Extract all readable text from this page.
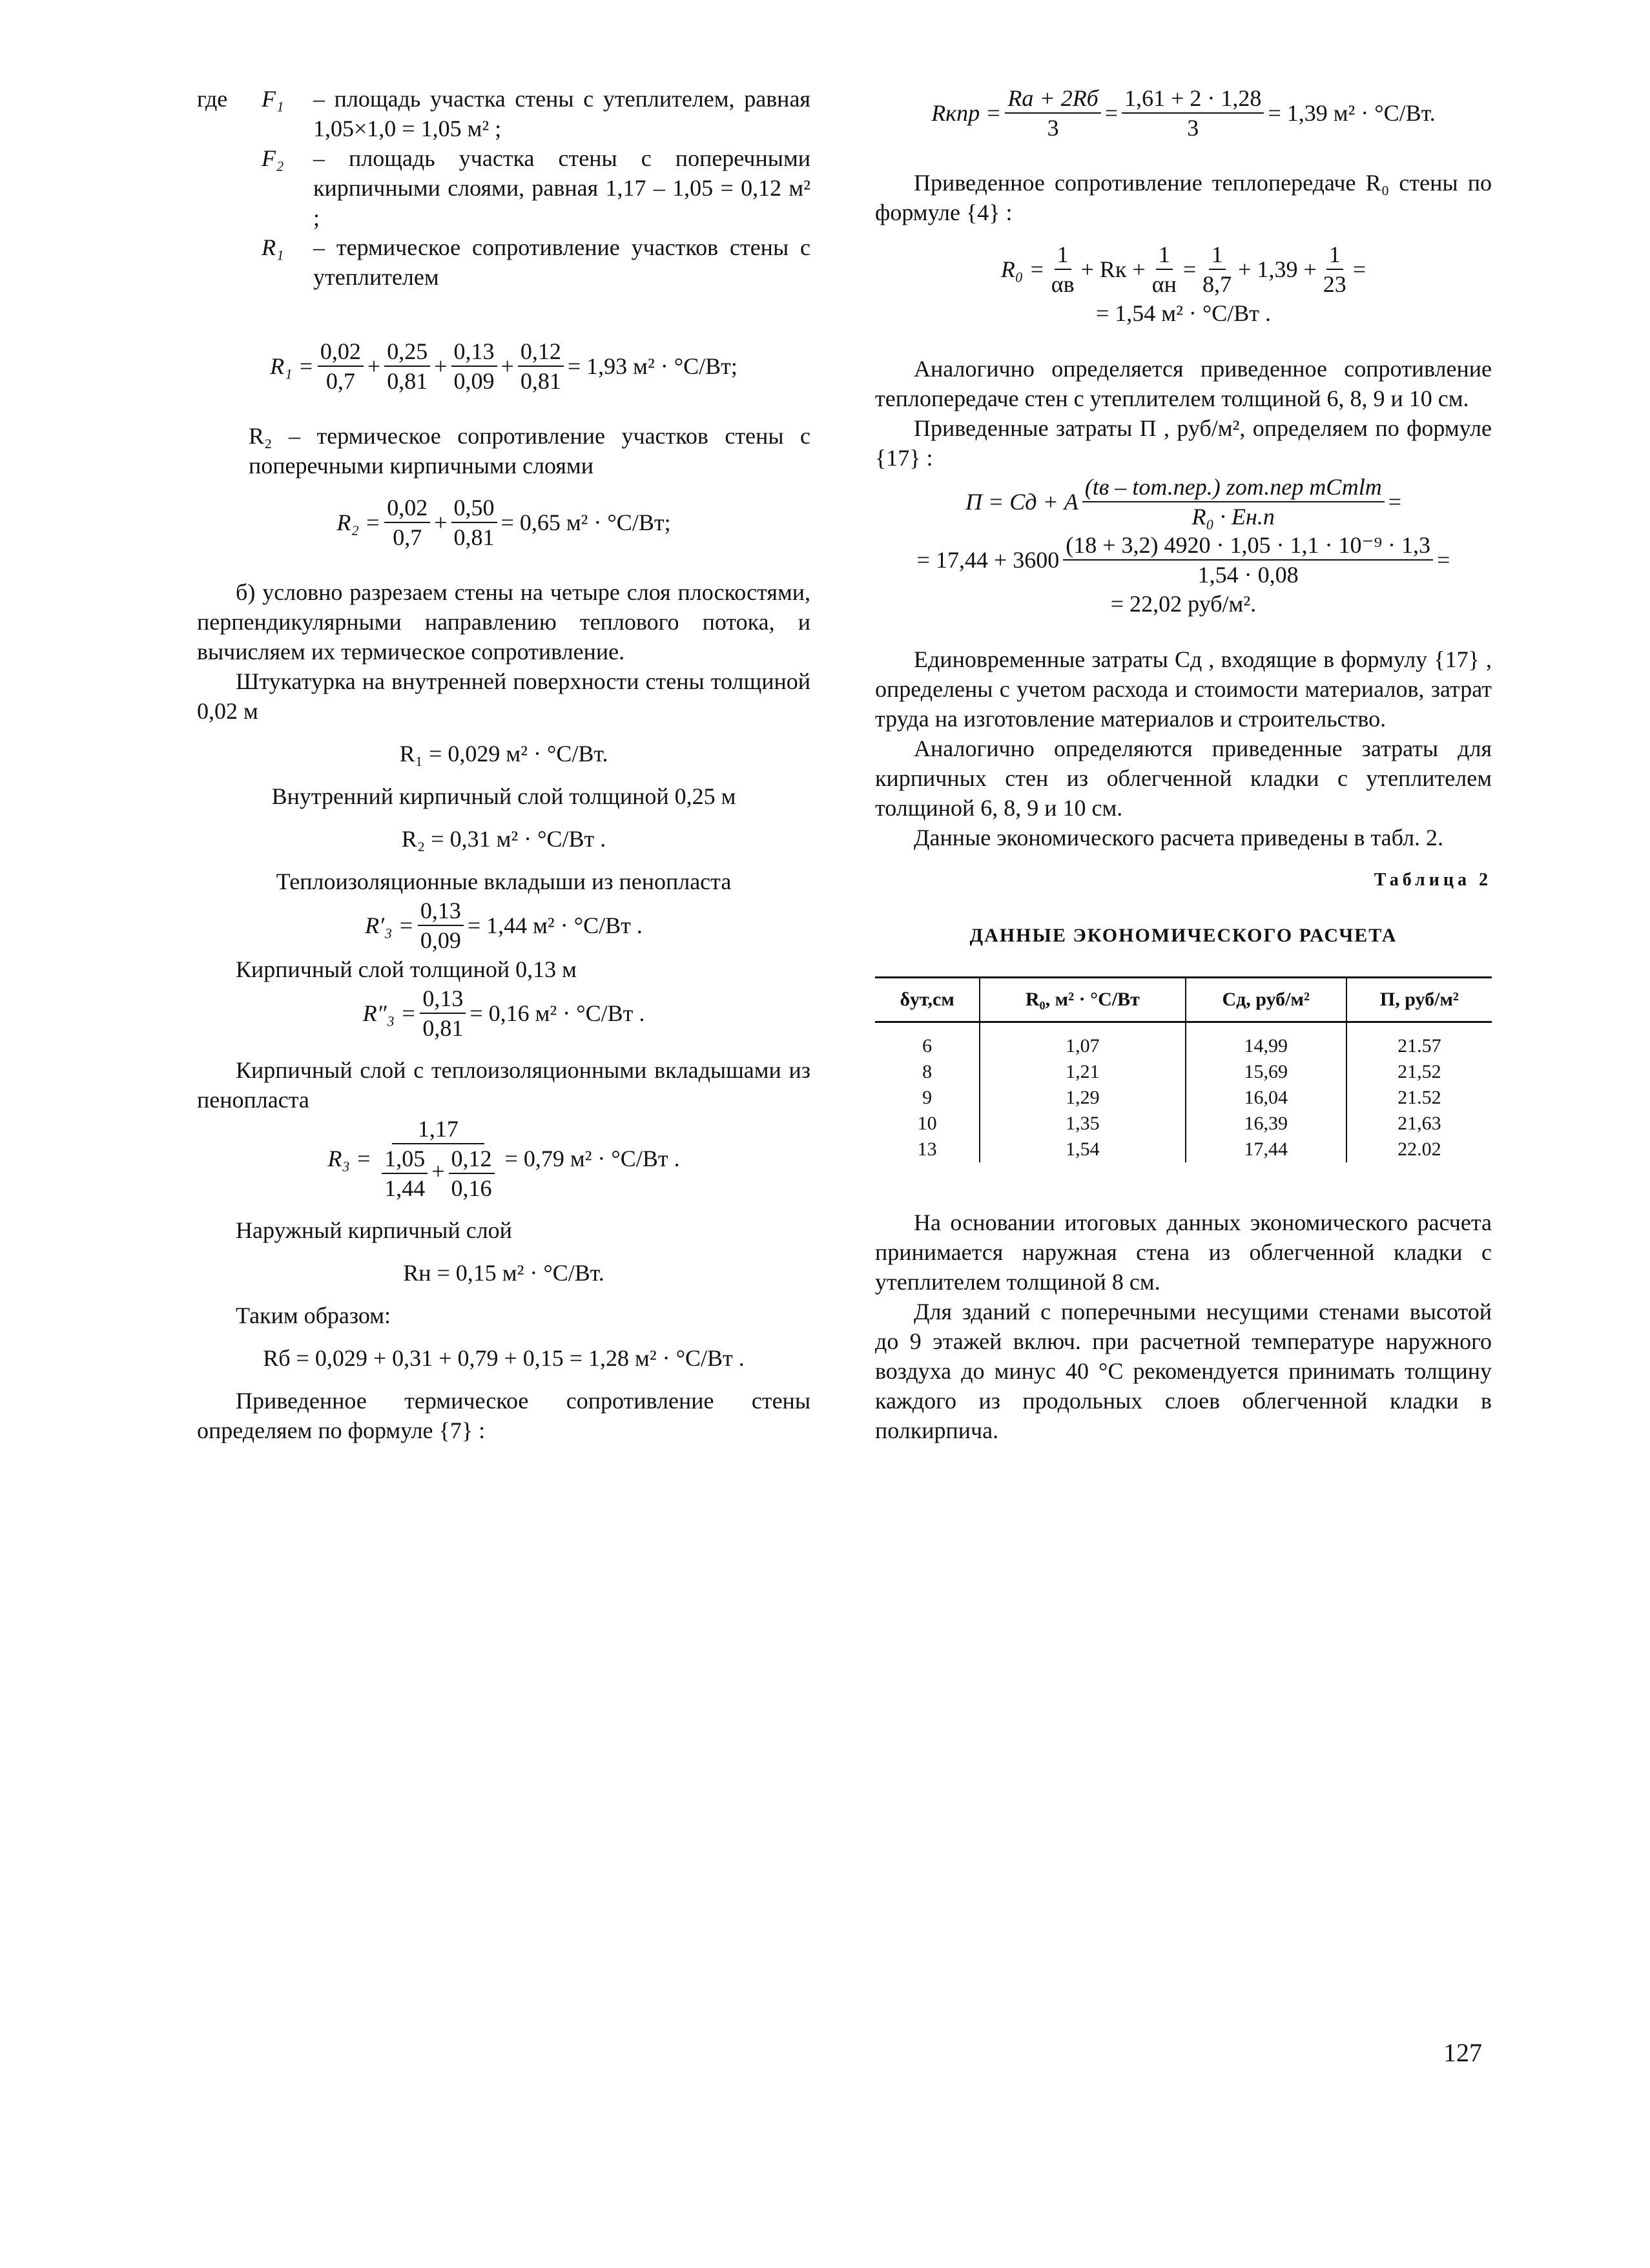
где	F₁	– площадь участка стены с утеплителем, равная 1,05×1,0 = 1,05 м² ;
F₂	– площадь участка стены с поперечными кирпичными слоями, равная 1,17 – 1,05 = 0,12 м² ;
R₁	– термическое сопротивление участков стены с утеплителем
$R_1 = \frac{0,02}{0,7} + \frac{0,25}{0,81} + \frac{0,13}{0,09} + \frac{0,12}{0,81} = 1,93$ м² · °С/Вт;

R₂ – термическое сопротивление участков стены с поперечными кирпичными слоями

$R_2 = \frac{0,02}{0,7} + \frac{0,50}{0,81} = 0,65$ м² · °С/Вт;

б) условно разрезаем стены на четыре слоя плоскостями, перпендикулярными направлению теплового потока, и вычисляем их термическое сопротивление.

Штукатурка на внутренней поверхности стены толщиной 0,02 м

R₁ = 0,029 м² · °С/Вт.

Внутренний кирпичный слой толщиной 0,25 м

R₂ = 0,31 м² · °С/Вт .

Теплоизоляционные вкладыши из пенопласта

$R'_3 = \frac{0,13}{0,09} = 1,44$ м² · °С/Вт .

Кирпичный слой толщиной 0,13 м

$R''_3 = \frac{0,13}{0,81} = 0,16$ м² · °С/Вт .

Кирпичный слой с теплоизоляционными вкладышами из пенопласта

$R_3 = \frac{1,17}{\frac{1,05}{1,44} + \frac{0,12}{0,16}} = 0,79$ м² · °С/Вт .

Наружный кирпичный слой

Rн = 0,15 м² · °С/Вт.

Таким образом:

Rб = 0,029 + 0,31 + 0,79 + 0,15 = 1,28 м² · °С/Вт .

Приведенное термическое сопротивление стены определяем по формуле {7} :

Rкпр = $\frac{Rа + 2Rб}{3} = \frac{1,61 + 2 \cdot 1,28}{3} = 1,39$ м² · °С/Вт.

Приведенное сопротивление теплопередаче R₀ стены по формуле {4} :

$R_0 = \frac{1}{\alpha в}$ + Rк + $\frac{1}{\alpha н} = \frac{1}{8,7} + 1,39 + \frac{1}{23}$ =

= 1,54 м² · °С/Вт .

Аналогично определяется приведенное сопротивление теплопередаче стен с утеплителем толщиной 6, 8, 9 и 10 см.

Приведенные затраты П , руб/м², определяем по формуле {17} :

П = Сд + А $\frac{\text{(tв – tот.пер.) zот.пер mСтlт}}{\text{R₀ · Ен.п}}$ =
= $17,44 + 3600 \frac{\text{(18 + 3,2) 4920 · 1,05 · 1,1 · 10⁻⁹ · 1,3}}{1,54 \cdot 0,08}$ =

= 22,02 руб/м².

Единовременные затраты Сд , входящие в формулу {17} , определены с учетом расхода и стоимости материалов, затрат труда на изготовление материалов и строительство.

Аналогично определяются приведенные затраты для кирпичных стен из облегченной кладки с утеплителем толщиной 6, 8, 9 и 10 см.

Данные экономического расчета приведены в табл. 2.

Таблица 2
ДАННЫЕ ЭКОНОМИЧЕСКОГО РАСЧЕТА
δут,см	R₀, м² · °С/Вт	Сд, руб/м²	П, руб/м²
6	1,07	14,99	21.57
8	1,21	15,69	21,52
9	1,29	16,04	21.52
10	1,35	16,39	21,63
13	1,54	17,44	22.02

На основании итоговых данных экономического расчета принимается наружная стена из облегченной кладки с утеплителем толщиной 8 см.

Для зданий с поперечными несущими стенами высотой до 9 этажей включ. при расчетной температуре наружного воздуха до минус 40 °С рекомендуется принимать толщину каждого из продольных слоев облегченной кладки в полкирпича.

127
